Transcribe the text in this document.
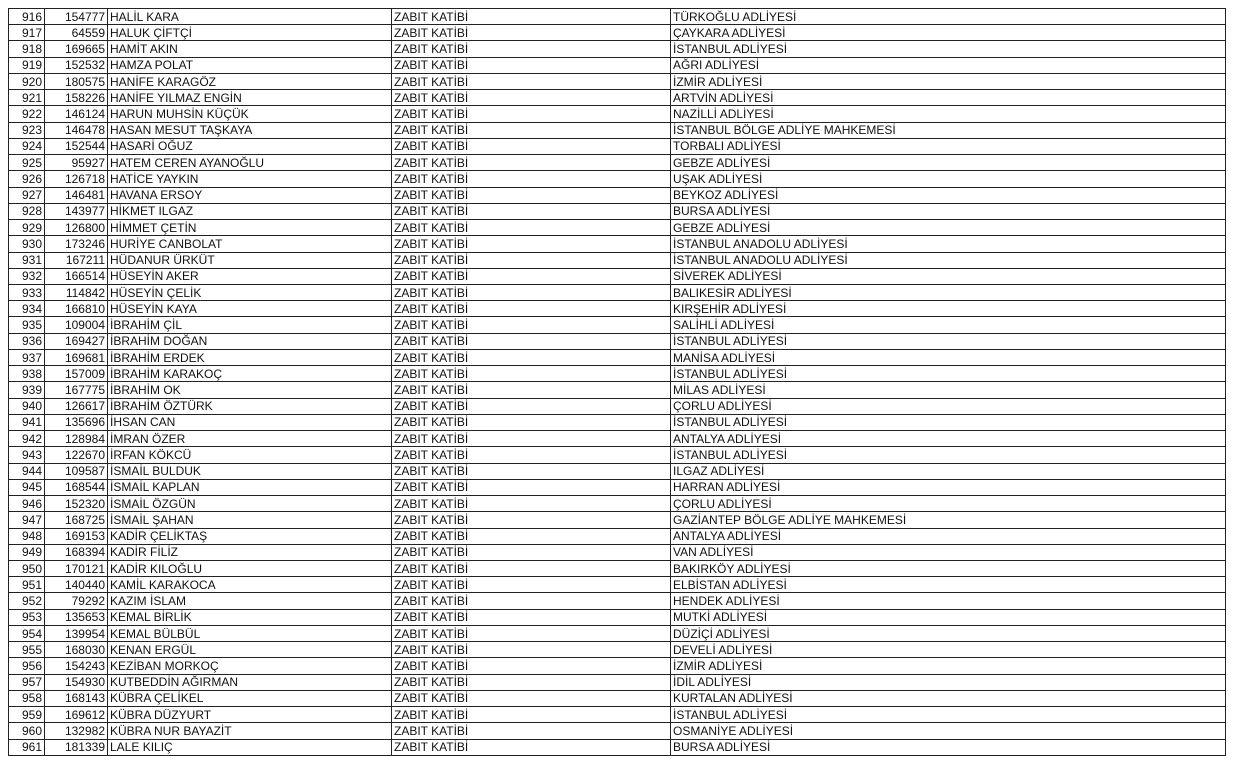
916	154777	HALİL KARA	ZABIT KATİBİ	TÜRKOĞLU ADLİYESİ
917	64559	HALUK ÇİFTÇİ	ZABIT KATİBİ	ÇAYKARA ADLİYESİ
918	169665	HAMİT AKIN	ZABIT KATİBİ	İSTANBUL ADLİYESİ
919	152532	HAMZA POLAT	ZABIT KATİBİ	AĞRI ADLİYESİ
920	180575	HANİFE KARAGÖZ	ZABIT KATİBİ	İZMİR ADLİYESİ
921	158226	HANİFE YILMAZ ENGİN	ZABIT KATİBİ	ARTVİN ADLİYESİ
922	146124	HARUN MUHSİN KÜÇÜK	ZABIT KATİBİ	NAZİLLİ ADLİYESİ
923	146478	HASAN MESUT TAŞKAYA	ZABIT KATİBİ	İSTANBUL BÖLGE ADLİYE MAHKEMESİ
924	152544	HASARİ OĞUZ	ZABIT KATİBİ	TORBALI ADLİYESİ
925	95927	HATEM CEREN AYANOĞLU	ZABIT KATİBİ	GEBZE ADLİYESİ
926	126718	HATİCE YAYKIN	ZABIT KATİBİ	UŞAK ADLİYESİ
927	146481	HAVANA ERSOY	ZABIT KATİBİ	BEYKOZ ADLİYESİ
928	143977	HİKMET ILGAZ	ZABIT KATİBİ	BURSA ADLİYESİ
929	126800	HİMMET ÇETİN	ZABIT KATİBİ	GEBZE ADLİYESİ
930	173246	HURİYE CANBOLAT	ZABIT KATİBİ	İSTANBUL ANADOLU ADLİYESİ
931	167211	HÜDANUR ÜRKÜT	ZABIT KATİBİ	İSTANBUL ANADOLU ADLİYESİ
932	166514	HÜSEYİN AKER	ZABIT KATİBİ	SİVEREK ADLİYESİ
933	114842	HÜSEYİN ÇELİK	ZABIT KATİBİ	BALIKESİR ADLİYESİ
934	166810	HÜSEYİN KAYA	ZABIT KATİBİ	KIRŞEHİR ADLİYESİ
935	109004	İBRAHİM ÇİL	ZABIT KATİBİ	SALİHLİ ADLİYESİ
936	169427	İBRAHİM DOĞAN	ZABIT KATİBİ	İSTANBUL ADLİYESİ
937	169681	İBRAHİM ERDEK	ZABIT KATİBİ	MANİSA ADLİYESİ
938	157009	İBRAHİM KARAKOÇ	ZABIT KATİBİ	İSTANBUL ADLİYESİ
939	167775	İBRAHİM OK	ZABIT KATİBİ	MİLAS ADLİYESİ
940	126617	İBRAHİM ÖZTÜRK	ZABIT KATİBİ	ÇORLU ADLİYESİ
941	135696	İHSAN CAN	ZABIT KATİBİ	İSTANBUL ADLİYESİ
942	128984	İMRAN ÖZER	ZABIT KATİBİ	ANTALYA ADLİYESİ
943	122670	İRFAN KÖKCÜ	ZABIT KATİBİ	İSTANBUL ADLİYESİ
944	109587	İSMAİL BULDUK	ZABIT KATİBİ	ILGAZ ADLİYESİ
945	168544	İSMAİL KAPLAN	ZABIT KATİBİ	HARRAN ADLİYESİ
946	152320	İSMAİL ÖZGÜN	ZABIT KATİBİ	ÇORLU ADLİYESİ
947	168725	İSMAİL ŞAHAN	ZABIT KATİBİ	GAZİANTEP BÖLGE ADLİYE MAHKEMESİ
948	169153	KADİR ÇELİKTAŞ	ZABIT KATİBİ	ANTALYA ADLİYESİ
949	168394	KADİR FİLİZ	ZABIT KATİBİ	VAN ADLİYESİ
950	170121	KADİR KILOĞLU	ZABIT KATİBİ	BAKIRKÖY ADLİYESİ
951	140440	KAMİL KARAKOCA	ZABIT KATİBİ	ELBİSTAN ADLİYESİ
952	79292	KAZIM İSLAM	ZABIT KATİBİ	HENDEK ADLİYESİ
953	135653	KEMAL BİRLİK	ZABIT KATİBİ	MUTKİ ADLİYESİ
954	139954	KEMAL BÜLBÜL	ZABIT KATİBİ	DÜZİÇİ ADLİYESİ
955	168030	KENAN ERGÜL	ZABIT KATİBİ	DEVELİ ADLİYESİ
956	154243	KEZİBAN MORKOÇ	ZABIT KATİBİ	İZMİR ADLİYESİ
957	154930	KUTBEDDİN AĞIRMAN	ZABIT KATİBİ	İDİL ADLİYESİ
958	168143	KÜBRA ÇELİKEL	ZABIT KATİBİ	KURTALAN ADLİYESİ
959	169612	KÜBRA DÜZYURT	ZABIT KATİBİ	İSTANBUL ADLİYESİ
960	132982	KÜBRA NUR BAYAZİT	ZABIT KATİBİ	OSMANİYE ADLİYESİ
961	181339	LALE KILIÇ	ZABIT KATİBİ	BURSA ADLİYESİ
